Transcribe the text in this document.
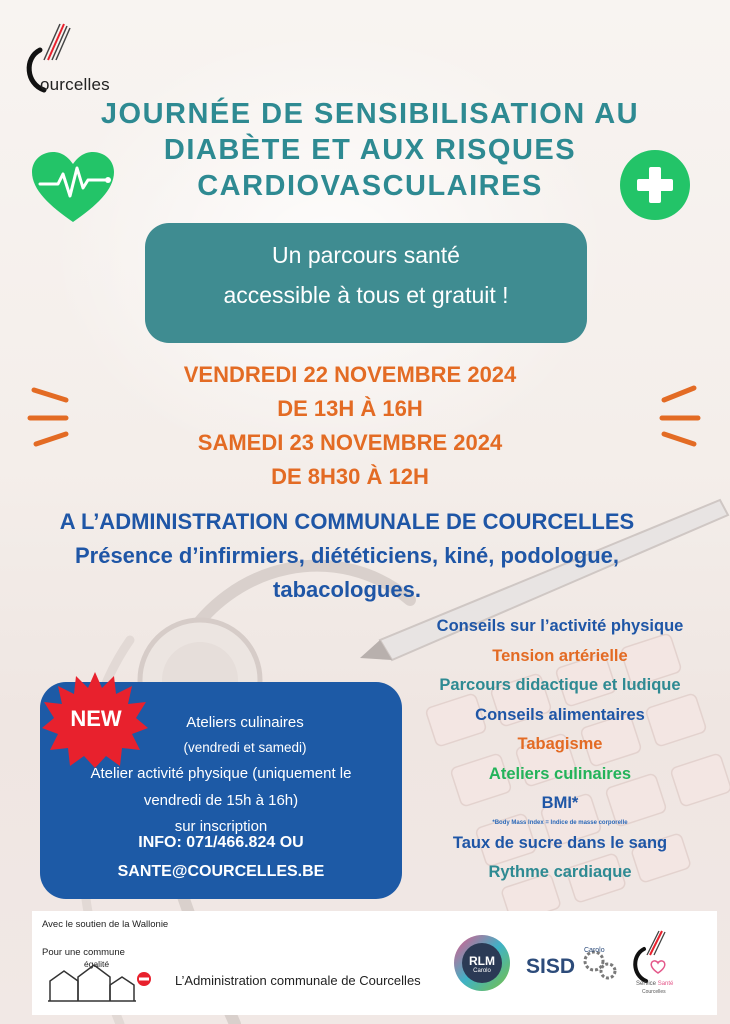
ourcelles
JOURNÉE DE SENSIBILISATION AU
DIABÈTE ET AUX RISQUES
CARDIOVASCULAIRES
Un parcours santé
accessible à tous et gratuit !
VENDREDI 22 NOVEMBRE 2024
DE 13H À 16H
SAMEDI 23 NOVEMBRE 2024
DE 8H30 À 12H
A L’ADMINISTRATION COMMUNALE DE COURCELLES
Présence d’infirmiers, diététiciens, kiné, podologue,
tabacologues.
Conseils sur l’activité physique
Tension artérielle
Parcours didactique et ludique
Conseils alimentaires
Tabagisme
Ateliers culinaires
BMI*
*Body Mass Index = Indice de masse corporelle
Taux de sucre dans le sang
Rythme cardiaque
Ateliers culinaires
(vendredi et samedi)
Atelier activité physique (uniquement le
vendredi de 15h à 16h)
sur inscription
INFO: 071/466.824 OU
SANTE@COURCELLES.BE
NEW
Avec le soutien de la Wallonie
Pour une commune
égalité
L’Administration communale de Courcelles
RLM
Carolo	SISD
Carolo
Service Santé
Courcelles
